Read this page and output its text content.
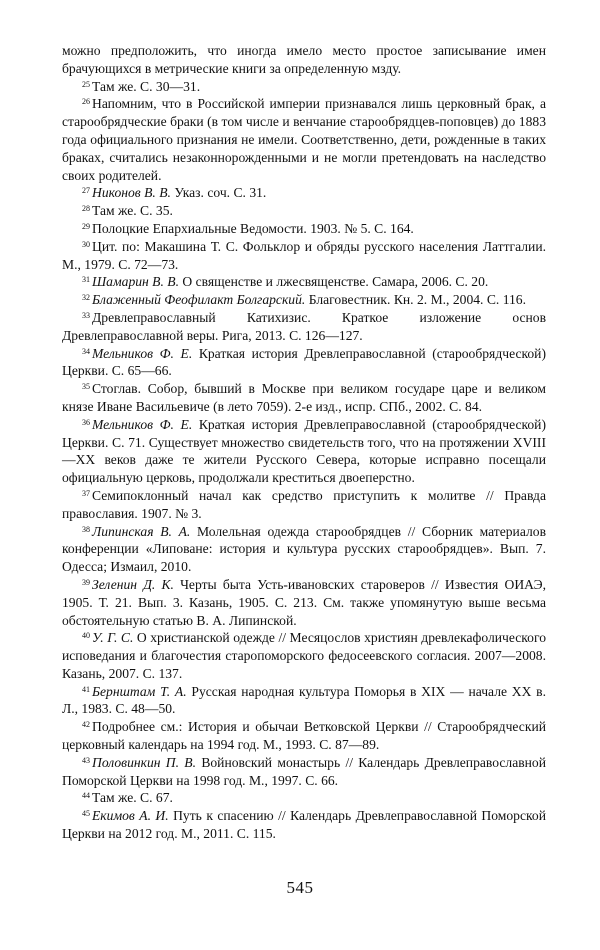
можно предположить, что иногда имело место простое записывание имен брачующихся в метрические книги за определенную мзду.

$^{25}$ Там же. С. 30—31.

$^{26}$ Напомним, что в Российской империи признавался лишь церковный брак, а старообрядческие браки (в том числе и венчание старообрядцев-поповцев) до 1883 года официального признания не имели. Соответственно, дети, рожденные в таких браках, считались незаконнорожденными и не могли претендовать на наследство своих родителей.

$^{27}$ Никонов В. В. Указ. соч. С. 31.

$^{28}$ Там же. С. 35.

$^{29}$ Полоцкие Епархиальные Ведомости. 1903. № 5. С. 164.

$^{30}$ Цит. по: Макашина Т. С. Фольклор и обряды русского населения Латтгалии. М., 1979. С. 72—73.

$^{31}$ Шамарин В. В. О священстве и лжесвященстве. Самара, 2006. С. 20.

$^{32}$ Блаженный Феофилакт Болгарский. Благовестник. Кн. 2. М., 2004. С. 116.

$^{33}$ Древлеправославный Катихизис. Краткое изложение основ Древлеправославной веры. Рига, 2013. С. 126—127.

$^{34}$ Мельников Ф. Е. Краткая история Древлеправославной (старообрядческой) Церкви. С. 65—66.

$^{35}$ Стоглав. Собор, бывший в Москве при великом государе царе и великом князе Иване Васильевиче (в лето 7059). 2-е изд., испр. СПб., 2002. С. 84.

$^{36}$ Мельников Ф. Е. Краткая история Древлеправославной (старообрядческой) Церкви. С. 71. Существует множество свидетельств того, что на протяжении XVIII—XX веков даже те жители Русского Севера, которые исправно посещали официальную церковь, продолжали креститься двоеперстно.

$^{37}$ Семипоклонный начал как средство приступить к молитве // Правда православия. 1907. № 3.

$^{38}$ Липинская В. А. Молельная одежда старообрядцев // Сборник материалов конференции «Липоване: история и культура русских старообрядцев». Вып. 7. Одесса; Измаил, 2010.

$^{39}$ Зеленин Д. К. Черты быта Усть-ивановских староверов // Известия ОИАЭ, 1905. Т. 21. Вып. 3. Казань, 1905. С. 213. См. также упомянутую выше весьма обстоятельную статью В. А. Липинской.

$^{40}$ У. Г. С. О христианской одежде // Месяцослов християн древлекафолического исповедания и благочестия старопоморского федосеевского согласия. 2007—2008. Казань, 2007. С. 137.

$^{41}$ Бернштам Т. А. Русская народная культура Поморья в XIX — начале XX в. Л., 1983. С. 48—50.

$^{42}$ Подробнее см.: История и обычаи Ветковской Церкви // Старообрядческий церковный календарь на 1994 год. М., 1993. С. 87—89.

$^{43}$ Половинкин П. В. Войновский монастырь // Календарь Древлеправославной Поморской Церкви на 1998 год. М., 1997. С. 66.

$^{44}$ Там же. С. 67.

$^{45}$ Екимов А. И. Путь к спасению // Календарь Древлеправославной Поморской Церкви на 2012 год. М., 2011. С. 115.

545
